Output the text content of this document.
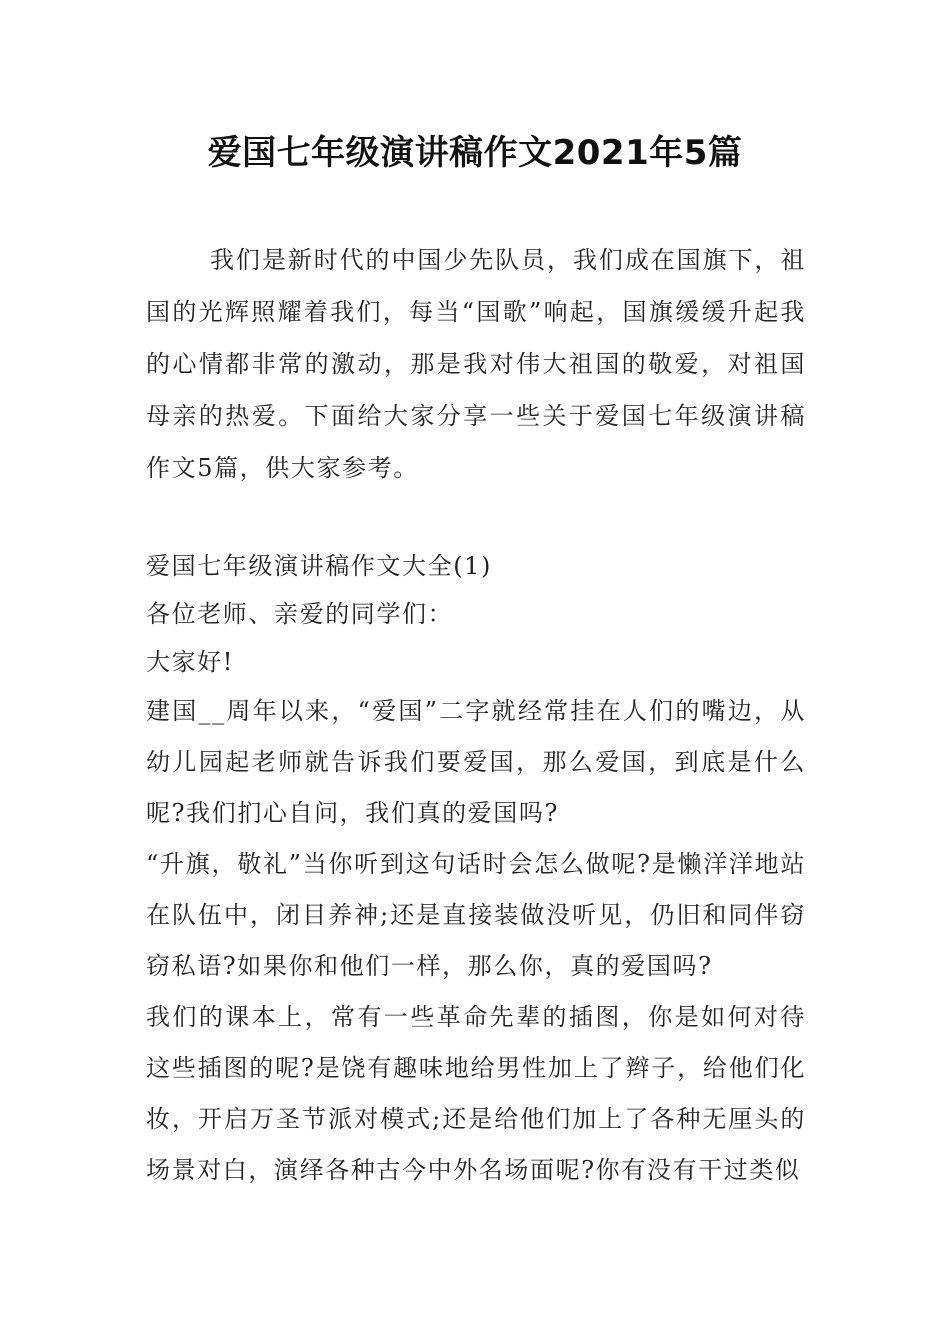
爱国七年级演讲稿作文2021年5篇

我们是新时代的中国少先队员，我们成在国旗下，祖国的光辉照耀着我们，每当“国歌”响起，国旗缓缓升起我的心情都非常的激动，那是我对伟大祖国的敬爱，对祖国母亲的热爱。下面给大家分享一些关于爱国七年级演讲稿作文5篇，供大家参考。

爱国七年级演讲稿作文大全(1)

各位老师、亲爱的同学们：

大家好!

建国__周年以来，“爱国”二字就经常挂在人们的嘴边，从幼儿园起老师就告诉我们要爱国，那么爱国，到底是什么呢?我们扪心自问，我们真的爱国吗?

“升旗，敬礼”当你听到这句话时会怎么做呢?是懒洋洋地站在队伍中，闭目养神;还是直接装做没听见，仍旧和同伴窃窃私语?如果你和他们一样，那么你，真的爱国吗?

我们的课本上，常有一些革命先辈的插图，你是如何对待这些插图的呢?是饶有趣味地给男性加上了辫子，给他们化妆，开启万圣节派对模式;还是给他们加上了各种无厘头的场景对白，演绎各种古今中外名场面呢?你有没有干过类似
